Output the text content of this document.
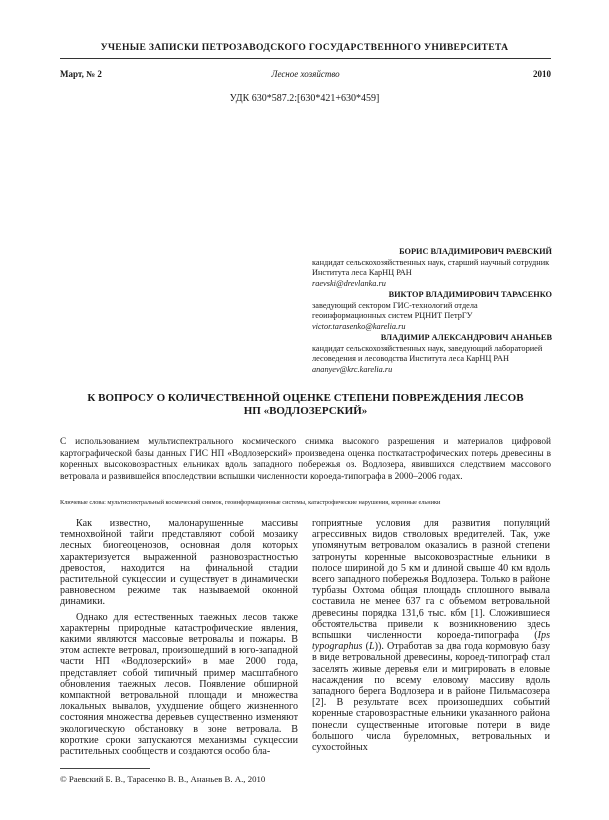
УЧЕНЫЕ ЗАПИСКИ ПЕТРОЗАВОДСКОГО ГОСУДАРСТВЕННОГО УНИВЕРСИТЕТА
Март, № 2	Лесное хозяйство	2010
УДК 630*587.2:[630*421+630*459]
БОРИС ВЛАДИМИРОВИЧ РАЕВСКИЙ
кандидат сельскохозяйственных наук, старший научный сотрудник Института леса КарНЦ РАН
raevski@drevlanka.ru
ВИКТОР ВЛАДИМИРОВИЧ ТАРАСЕНКО
заведующий сектором ГИС-технологий отдела геоинформационных систем РЦНИТ ПетрГУ
victor.tarasenko@karelia.ru
ВЛАДИМИР АЛЕКСАНДРОВИЧ АНАНЬЕВ
кандидат сельскохозяйственных наук, заведующий лабораторией лесоведения и лесоводства Института леса КарНЦ РАН
ananyev@krc.karelia.ru
К ВОПРОСУ О КОЛИЧЕСТВЕННОЙ ОЦЕНКЕ СТЕПЕНИ ПОВРЕЖДЕНИЯ ЛЕСОВ
НП «ВОДЛОЗЕРСКИЙ»
С использованием мультиспектрального космического снимка высокого разрешения и материалов цифровой картографической базы данных ГИС НП «Водлозерский» произведена оценка посткатастрофических потерь древесины в коренных высоковозрастных ельниках вдоль западного побережья оз. Водлозера, явившихся следствием массового ветровала и развившейся впоследствии вспышки численности короеда-типографа в 2000–2006 годах.
Ключевые слова: мультиспектральный космический снимок, геоинформационные системы, катастрофические нарушения, коренные ельники

Как известно, малонарушенные массивы темнохвойной тайги представляют собой мозаику лесных биогеоценозов, основная доля которых характеризуется выраженной разновозрастностью древостоя, находится на финальной стадии растительной сукцессии и существует в динамически равновесном режиме так называемой оконной динамики.

Однако для естественных таежных лесов также характерны природные катастрофические явления, какими являются массовые ветровалы и пожары. В этом аспекте ветровал, произошедший в юго-западной части НП «Водлозерский» в мае 2000 года, представляет собой типичный пример масштабного обновления таежных лесов. Появление обширной компактной ветровальной площади и множества локальных вывалов, ухудшение общего жизненного состояния множества деревьев существенно изменяют экологическую обстановку в зоне ветровала. В короткие сроки запускаются механизмы сукцессии растительных сообществ и создаются особо бла-

гоприятные условия для развития популяций агрессивных видов стволовых вредителей. Так, уже упомянутым ветровалом оказались в разной степени затронуты коренные высоковозрастные ельники в полосе шириной до 5 км и длиной свыше 40 км вдоль всего западного побережья Водлозера. Только в районе турбазы Охтома общая площадь сплошного вывала составила не менее 637 га с объемом ветровальной древесины порядка 131,6 тыс. кбм [1]. Сложившиеся обстоятельства привели к возникновению здесь вспышки численности короеда-типографа (Ips typographus (L)). Отработав за два года кормовую базу в виде ветровальной древесины, короед-типограф стал заселять живые деревья ели и мигрировать в еловые насаждения по всему еловому массиву вдоль западного берега Водлозера и в районе Пильмасозера [2]. В результате всех произошедших событий коренные старовозрастные ельники указанного района понесли существенные итоговые потери в виде большого числа буреломных, ветровальных и сухостойных

© Раевский Б. В., Тарасенко В. В., Ананьев В. А., 2010
